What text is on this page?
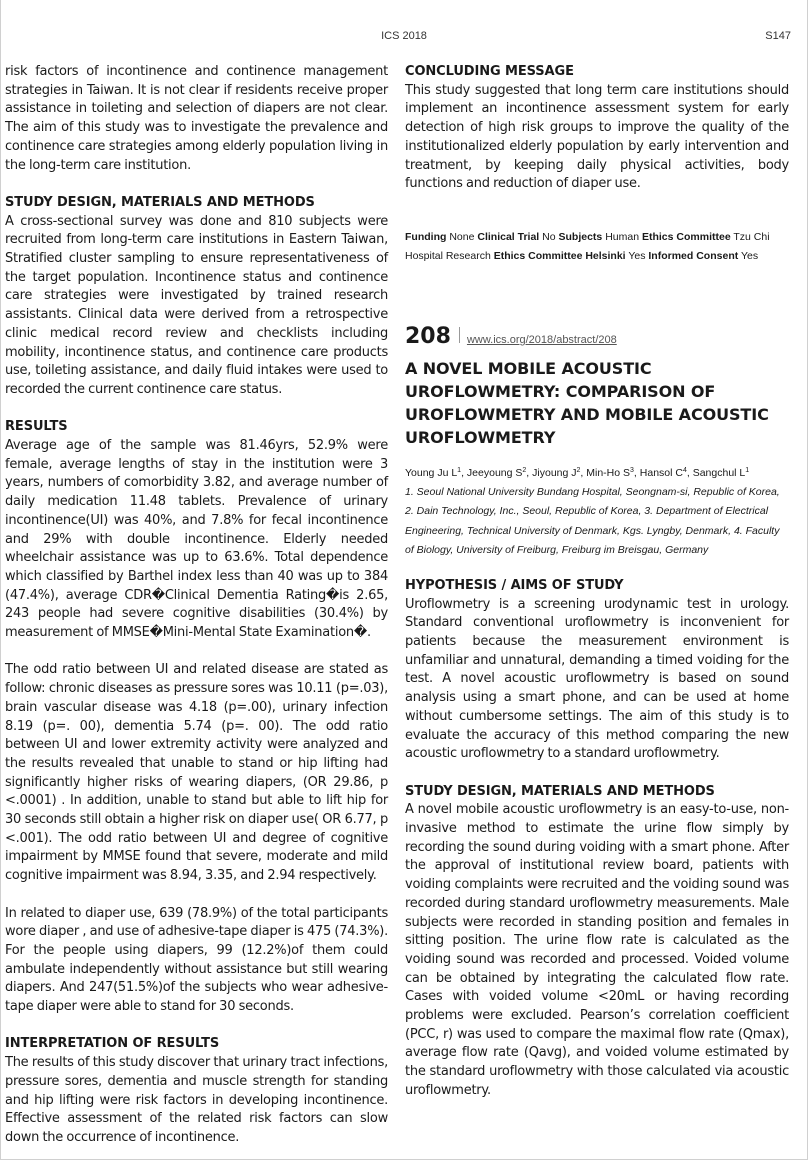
ICS 2018	S147

risk factors of incontinence and continence management strategies in Taiwan. It is not clear if residents receive proper assistance in toileting and selection of diapers are not clear. The aim of this study was to investigate the prevalence and continence care strategies among elderly population living in the long-term care institution.

STUDY DESIGN, MATERIALS AND METHODS

A cross-sectional survey was done and 810 subjects were recruited from long-term care institutions in Eastern Taiwan, Stratified cluster sampling to ensure representativeness of the target population. Incontinence status and continence care strategies were investigated by trained research assistants. Clinical data were derived from a retrospective clinic medical record review and checklists including mobility, incontinence status, and continence care products use, toileting assistance, and daily fluid intakes were used to recorded the current continence care status.

RESULTS

Average age of the sample was 81.46yrs, 52.9% were female, average lengths of stay in the institution were 3 years, numbers of comorbidity 3.82, and average number of daily medication 11.48 tablets. Prevalence of urinary incontinence(UI) was 40%, and 7.8% for fecal incontinence and 29% with double incontinence. Elderly needed wheelchair assistance was up to 63.6%. Total dependence which classified by Barthel index less than 40 was up to 384 (47.4%), average CDR�Clinical Dementia Rating�is 2.65, 243 people had severe cognitive disabilities (30.4%) by measurement of MMSE�Mini-Mental State Examination�.

The odd ratio between UI and related disease are stated as follow: chronic diseases as pressure sores was 10.11 (p=.03), brain vascular disease was 4.18 (p=.00), urinary infection 8.19 (p=. 00), dementia 5.74 (p=. 00). The odd ratio between UI and lower extremity activity were analyzed and the results revealed that unable to stand or hip lifting had significantly higher risks of wearing diapers, (OR 29.86, p <.0001) . In addition, unable to stand but able to lift hip for 30 seconds still obtain a higher risk on diaper use( OR 6.77, p <.001). The odd ratio between UI and degree of cognitive impairment by MMSE found that severe, moderate and mild cognitive impairment was 8.94, 3.35, and 2.94 respectively.

In related to diaper use, 639 (78.9%) of the total participants wore diaper , and use of adhesive-tape diaper is 475 (74.3%). For the people using diapers, 99 (12.2%)of them could ambulate independently without assistance but still wearing diapers. And 247(51.5%)of the subjects who wear adhesive-tape diaper were able to stand for 30 seconds.

INTERPRETATION OF RESULTS

The results of this study discover that urinary tract infections, pressure sores, dementia and muscle strength for standing and hip lifting were risk factors in developing incontinence. Effective assessment of the related risk factors can slow down the occurrence of incontinence.

CONCLUDING MESSAGE

This study suggested that long term care institutions should implement an incontinence assessment system for early detection of high risk groups to improve the quality of the institutionalized elderly population by early intervention and treatment, by keeping daily physical activities, body functions and reduction of diaper use.

Funding None Clinical Trial No Subjects Human Ethics Committee Tzu Chi Hospital Research Ethics Committee Helsinki Yes Informed Consent Yes

208 www.ics.org/2018/abstract/208
A NOVEL MOBILE ACOUSTIC UROFLOWMETRY: COMPARISON OF UROFLOWMETRY AND MOBILE ACOUSTIC UROFLOWMETRY

Young Ju $L^1$, Jeeyoung $S^2$, Jiyoung $J^2$, Min-Ho $S^3$, Hansol $C^4$, Sangchul $L^1$

1. Seoul National University Bundang Hospital, Seongnam-si, Republic of Korea, 2. Dain Technology, Inc., Seoul, Republic of Korea, 3. Department of Electrical Engineering, Technical University of Denmark, Kgs. Lyngby, Denmark, 4. Faculty of Biology, University of Freiburg, Freiburg im Breisgau, Germany

HYPOTHESIS / AIMS OF STUDY

Uroflowmetry is a screening urodynamic test in urology. Standard conventional uroflowmetry is inconvenient for patients because the measurement environment is unfamiliar and unnatural, demanding a timed voiding for the test. A novel acoustic uroflowmetry is based on sound analysis using a smart phone, and can be used at home without cumbersome settings. The aim of this study is to evaluate the accuracy of this method comparing the new acoustic uroflowmetry to a standard uroflowmetry.

STUDY DESIGN, MATERIALS AND METHODS

A novel mobile acoustic uroflowmetry is an easy-to-use, non-invasive method to estimate the urine flow simply by recording the sound during voiding with a smart phone. After the approval of institutional review board, patients with voiding complaints were recruited and the voiding sound was recorded during standard uroflowmetry measurements. Male subjects were recorded in standing position and females in sitting position. The urine flow rate is calculated as the voiding sound was recorded and processed. Voided volume can be obtained by integrating the calculated flow rate. Cases with voided volume <20mL or having recording problems were excluded. Pearson’s correlation coefficient (PCC, r) was used to compare the maximal flow rate (Qmax), average flow rate (Qavg), and voided volume estimated by the standard uroflowmetry with those calculated via acoustic uroflowmetry.
